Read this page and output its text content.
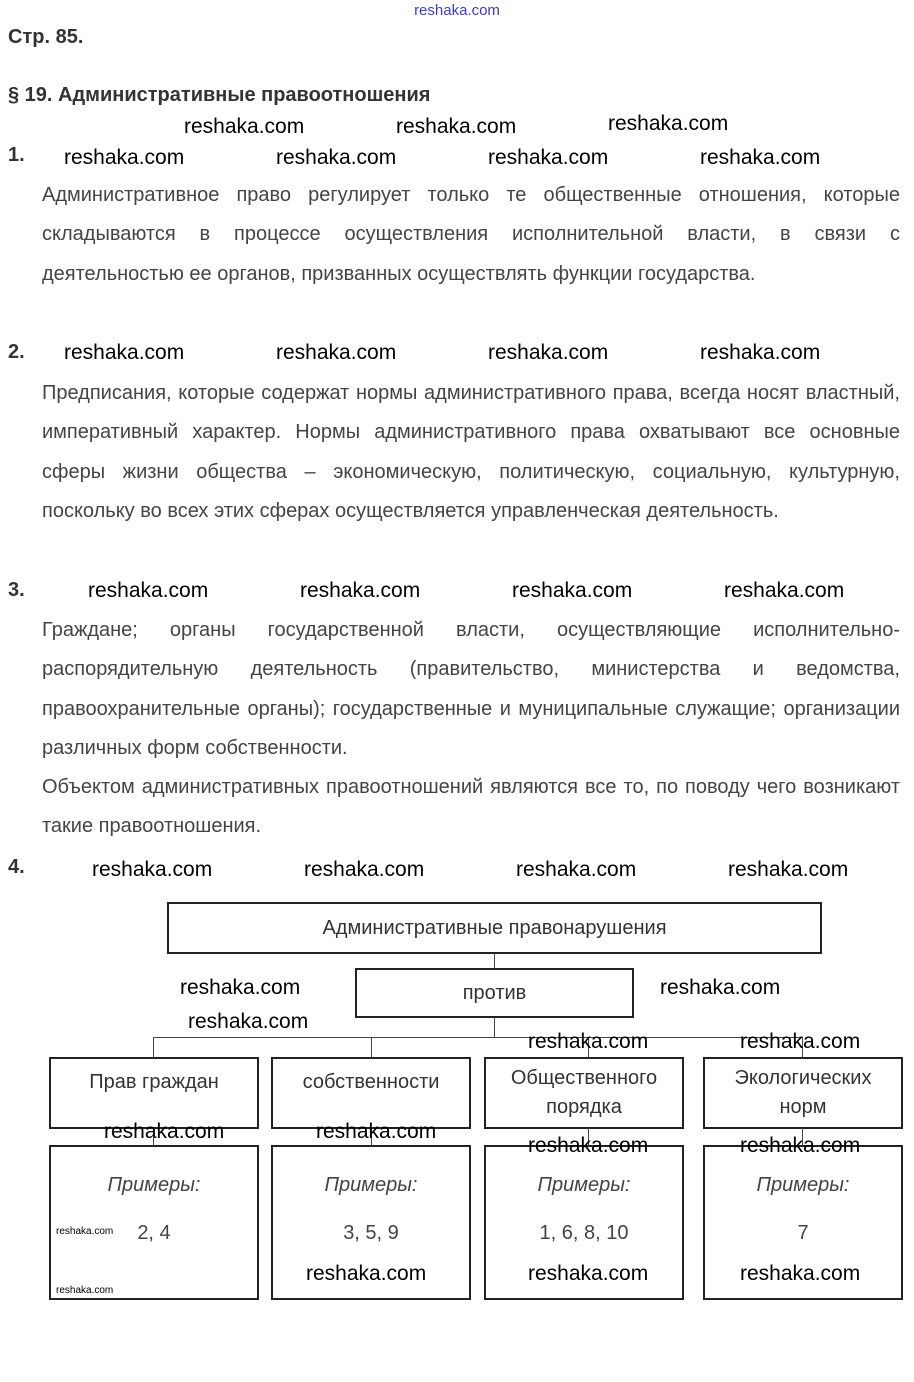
reshaka.com
Стр. 85.
§ 19. Административные правоотношения
1.
Административное право регулирует только те общественные отношения, которые складываются в процессе осуществления исполнительной власти, в связи с деятельностью ее органов, призванных осуществлять функции государства.
2.
Предписания, которые содержат нормы административного права, всегда носят властный, императивный характер. Нормы административного права охватывают все основные сферы жизни общества – экономическую, политическую, социальную, культурную, поскольку во всех этих сферах осуществляется управленческая деятельность.
3.

Граждане; органы государственной власти, осуществляющие исполнительно-распорядительную деятельность (правительство, министерства и ведомства, правоохранительные органы); государственные и муниципальные служащие; организации различных форм собственности.

Объектом административных правоотношений являются все то, по поводу чего возникают такие правоотношения.

4.
Административные правонарушения
против
Прав граждан	собственности	Общественного порядка
Экологических норм
Примеры:	Примеры:	Примеры:	Примеры:
2, 4	3, 5, 9	1, 6, 8, 10	7
reshaka.com	reshaka.com	reshaka.com
reshaka.com	reshaka.com	reshaka.com	reshaka.com
reshaka.com	reshaka.com	reshaka.com	reshaka.com
reshaka.com	reshaka.com	reshaka.com	reshaka.com
reshaka.com	reshaka.com	reshaka.com	reshaka.com
reshaka.com	reshaka.com
reshaka.com
reshaka.com	reshaka.com
reshaka.com	reshaka.com
reshaka.com	reshaka.com
reshaka.com	reshaka.com	reshaka.com
reshaka.com
reshaka.com
